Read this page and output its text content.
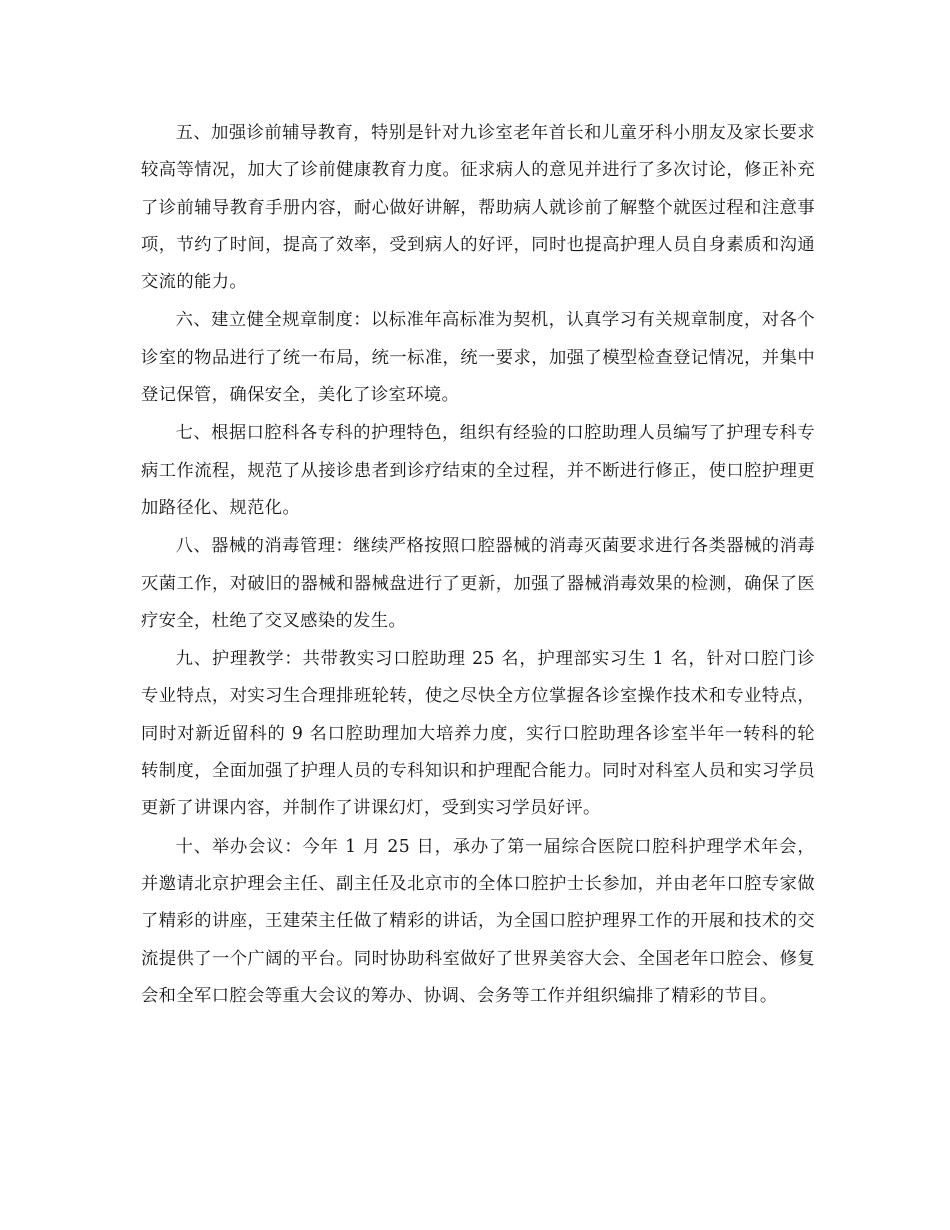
五、加强诊前辅导教育，特别是针对九诊室老年首长和儿童牙科小朋友及家长要求较高等情况，加大了诊前健康教育力度。征求病人的意见并进行了多次讨论，修正补充了诊前辅导教育手册内容，耐心做好讲解，帮助病人就诊前了解整个就医过程和注意事项，节约了时间，提高了效率，受到病人的好评，同时也提高护理人员自身素质和沟通交流的能力。

六、建立健全规章制度：以标准年高标准为契机，认真学习有关规章制度，对各个诊室的物品进行了统一布局，统一标准，统一要求，加强了模型检查登记情况，并集中登记保管，确保安全，美化了诊室环境。

七、根据口腔科各专科的护理特色，组织有经验的口腔助理人员编写了护理专科专病工作流程，规范了从接诊患者到诊疗结束的全过程，并不断进行修正，使口腔护理更加路径化、规范化。

八、器械的消毒管理：继续严格按照口腔器械的消毒灭菌要求进行各类器械的消毒灭菌工作，对破旧的器械和器械盘进行了更新，加强了器械消毒效果的检测，确保了医疗安全，杜绝了交叉感染的发生。

九、护理教学：共带教实习口腔助理 25 名，护理部实习生 1 名，针对口腔门诊专业特点，对实习生合理排班轮转，使之尽快全方位掌握各诊室操作技术和专业特点，同时对新近留科的 9 名口腔助理加大培养力度，实行口腔助理各诊室半年一转科的轮转制度，全面加强了护理人员的专科知识和护理配合能力。同时对科室人员和实习学员更新了讲课内容，并制作了讲课幻灯，受到实习学员好评。

十、举办会议：今年 1 月 25 日，承办了第一届综合医院口腔科护理学术年会，并邀请北京护理会主任、副主任及北京市的全体口腔护士长参加，并由老年口腔专家做了精彩的讲座，王建荣主任做了精彩的讲话，为全国口腔护理界工作的开展和技术的交流提供了一个广阔的平台。同时协助科室做好了世界美容大会、全国老年口腔会、修复会和全军口腔会等重大会议的筹办、协调、会务等工作并组织编排了精彩的节目。
